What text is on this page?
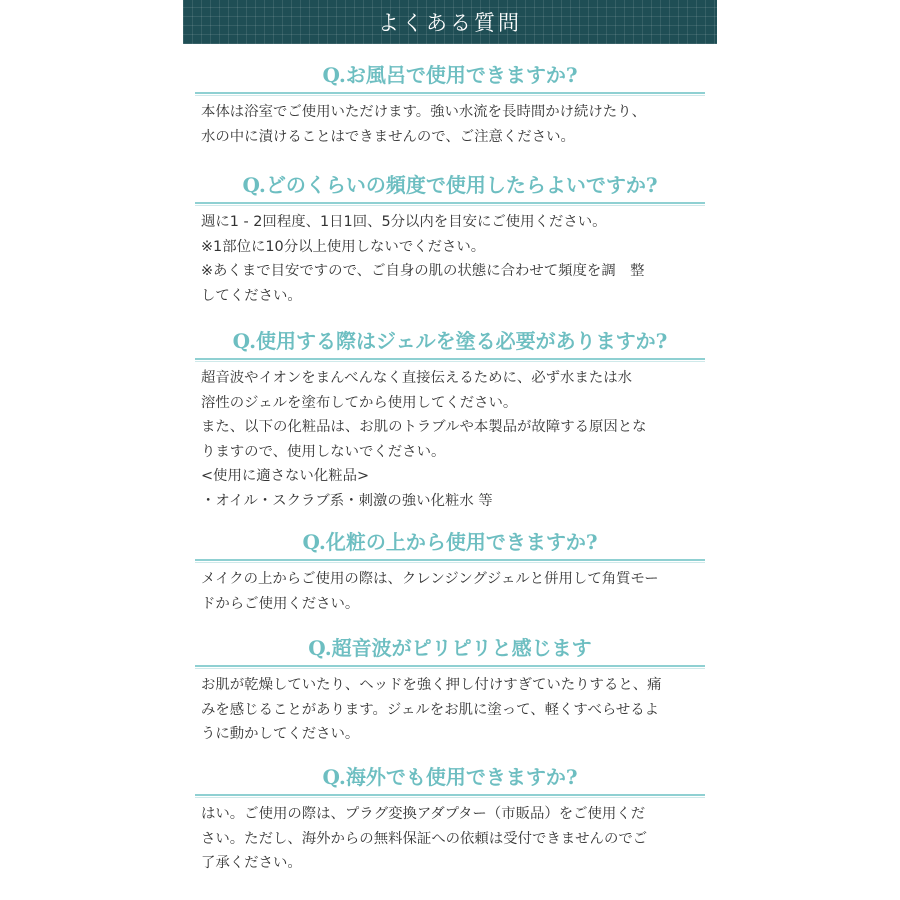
よくある質問
Q.お風呂で使用できますか?

本体は浴室でご使用いただけます。強い水流を長時間かけ続けたり、

水の中に漬けることはできませんので、ご注意ください。

Q.どのくらいの頻度で使用したらよいですか?

週に1 - 2回程度、1日1回、5分以内を目安にご使用ください。

※1部位に10分以上使用しないでください。

※あくまで目安ですので、ご自身の肌の状態に合わせて頻度を調　整

してください。

Q.使用する際はジェルを塗る必要がありますか?

超音波やイオンをまんべんなく直接伝えるために、必ず水または水

溶性のジェルを塗布してから使用してください。

また、以下の化粧品は、お肌のトラブルや本製品が故障する原因とな

りますので、使用しないでください。

<使用に適さない化粧品>

・オイル・スクラブ系・刺激の強い化粧水 等

Q.化粧の上から使用できますか?

メイクの上からご使用の際は、クレンジングジェルと併用して角質モー

ドからご使用ください。

Q.超音波がピリピリと感じます

お肌が乾燥していたり、ヘッドを強く押し付けすぎていたりすると、痛

みを感じることがあります。ジェルをお肌に塗って、軽くすべらせるよ

うに動かしてください。

Q.海外でも使用できますか?

はい。ご使用の際は、プラグ変換アダプター（市販品）をご使用くだ

さい。ただし、海外からの無料保証への依頼は受付できませんのでご

了承ください。
